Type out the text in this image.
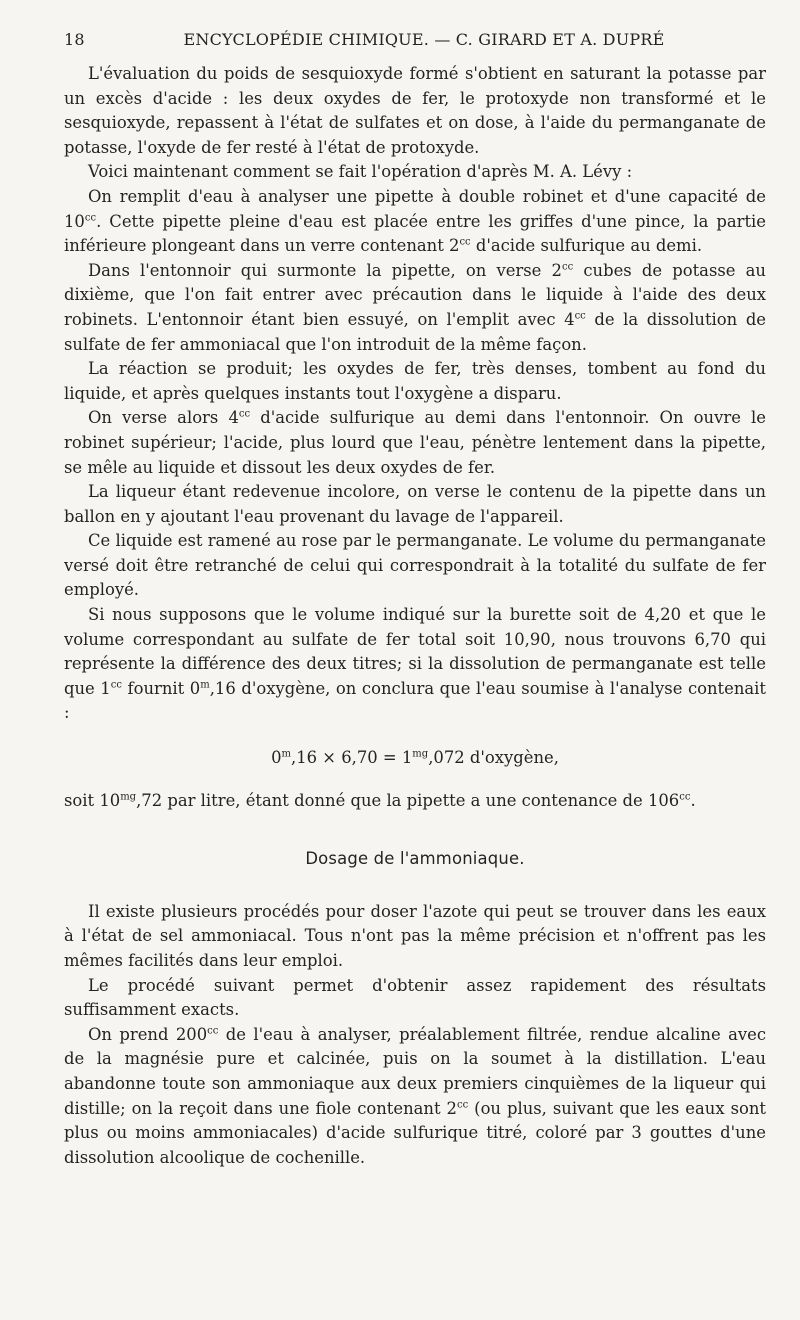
18	ENCYCLOPÉDIE CHIMIQUE. — C. GIRARD ET A. DUPRÉ

L'évaluation du poids de sesquioxyde formé s'obtient en saturant la potasse par un excès d'acide : les deux oxydes de fer, le protoxyde non transformé et le sesquioxyde, repassent à l'état de sulfates et on dose, à l'aide du permanganate de potasse, l'oxyde de fer resté à l'état de protoxyde.

Voici maintenant comment se fait l'opération d'après M. A. Lévy :

On remplit d'eau à analyser une pipette à double robinet et d'une capacité de $10^{cc}$. Cette pipette pleine d'eau est placée entre les griffes d'une pince, la partie inférieure plongeant dans un verre contenant $2^{cc}$ d'acide sulfurique au demi.

Dans l'entonnoir qui surmonte la pipette, on verse $2^{cc}$ cubes de potasse au dixième, que l'on fait entrer avec précaution dans le liquide à l'aide des deux robinets. L'entonnoir étant bien essuyé, on l'emplit avec $4^{cc}$ de la dissolution de sulfate de fer ammoniacal que l'on introduit de la même façon.

La réaction se produit; les oxydes de fer, très denses, tombent au fond du liquide, et après quelques instants tout l'oxygène a disparu.

On verse alors $4^{cc}$ d'acide sulfurique au demi dans l'entonnoir. On ouvre le robinet supérieur; l'acide, plus lourd que l'eau, pénètre lentement dans la pipette, se mêle au liquide et dissout les deux oxydes de fer.

La liqueur étant redevenue incolore, on verse le contenu de la pipette dans un ballon en y ajoutant l'eau provenant du lavage de l'appareil.

Ce liquide est ramené au rose par le permanganate. Le volume du permanganate versé doit être retranché de celui qui correspondrait à la totalité du sulfate de fer employé.

Si nous supposons que le volume indiqué sur la burette soit de 4,20 et que le volume correspondant au sulfate de fer total soit 10,90, nous trouvons 6,70 qui représente la différence des deux titres; si la dissolution de permanganate est telle que $1^{cc}$ fournit 0$^m$,16 d'oxygène, on conclura que l'eau soumise à l'analyse contenait :

$0^m,16 \times 6,70 = 1^{mg},072$ d'oxygène,

soit $10^{mg},72$ par litre, étant donné que la pipette a une contenance de $106^{cc}$.

Dosage de l'ammoniaque.

Il existe plusieurs procédés pour doser l'azote qui peut se trouver dans les eaux à l'état de sel ammoniacal. Tous n'ont pas la même précision et n'offrent pas les mêmes facilités dans leur emploi.

Le procédé suivant permet d'obtenir assez rapidement des résultats suffisamment exacts.

On prend $200^{cc}$ de l'eau à analyser, préalablement filtrée, rendue alcaline avec de la magnésie pure et calcinée, puis on la soumet à la distillation. L'eau abandonne toute son ammoniaque aux deux premiers cinquièmes de la liqueur qui distille; on la reçoit dans une fiole contenant $2^{cc}$ (ou plus, suivant que les eaux sont plus ou moins ammoniacales) d'acide sulfurique titré, coloré par 3 gouttes d'une dissolution alcoolique de cochenille.
